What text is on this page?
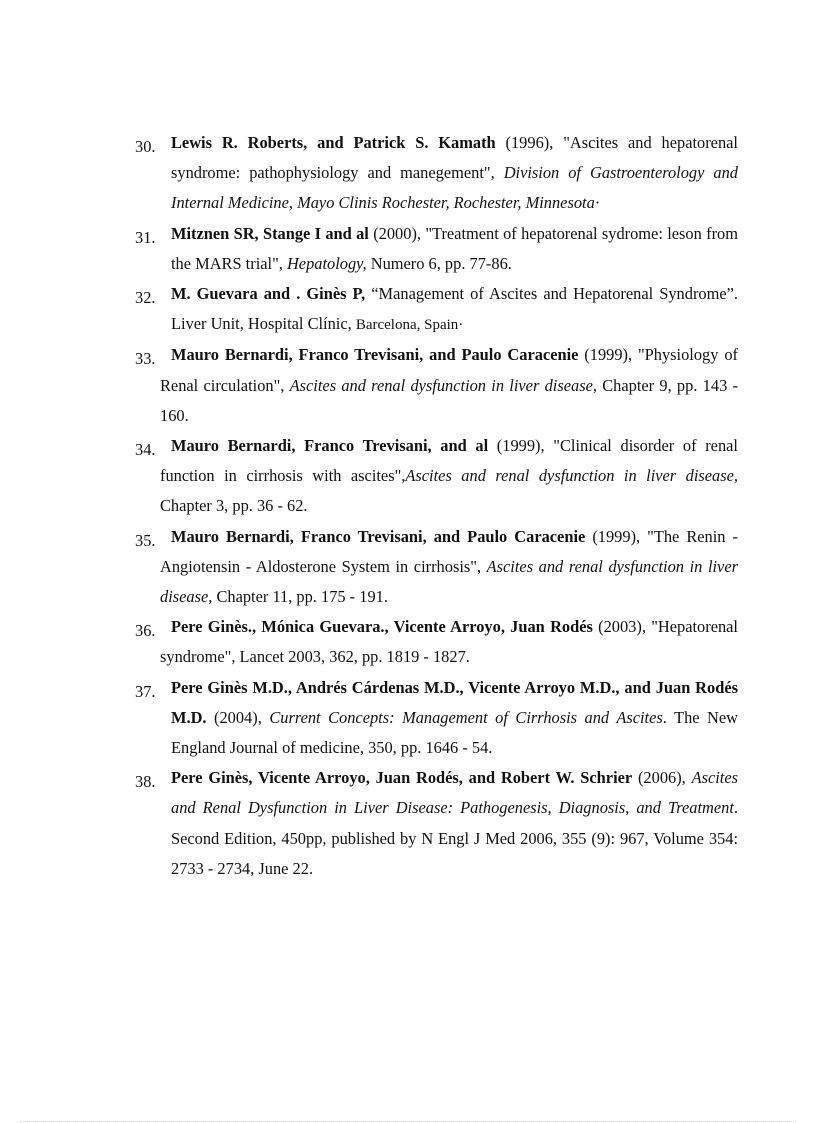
30. Lewis R. Roberts, and Patrick S. Kamath (1996), "Ascites and hepatorenal syndrome: pathophysiology and manegement", Division of Gastroenterology and Internal Medicine, Mayo Clinis Rochester, Rochester, Minnesota·
31. Mitznen SR, Stange I and al (2000), "Treatment of hepatorenal sydrome: leson from the MARS trial", Hepatology, Numero 6, pp. 77-86.
32. M. Guevara and . Ginès P, “Management of Ascites and Hepatorenal Syndrome”. Liver Unit, Hospital Clínic, Barcelona, Spain·
33. Mauro Bernardi, Franco Trevisani, and Paulo Caracenie (1999), "Physiology of Renal circulation", Ascites and renal dysfunction in liver disease, Chapter 9, pp. 143 - 160.
34. Mauro Bernardi, Franco Trevisani, and al (1999), "Clinical disorder of renal function in cirrhosis with ascites",Ascites and renal dysfunction in liver disease, Chapter 3, pp. 36 - 62.
35. Mauro Bernardi, Franco Trevisani, and Paulo Caracenie (1999), "The Renin - Angiotensin - Aldosterone System in cirrhosis", Ascites and renal dysfunction in liver disease, Chapter 11, pp. 175 - 191.
36. Pere Ginès., Mónica Guevara., Vicente Arroyo, Juan Rodés (2003), "Hepatorenal syndrome", Lancet 2003, 362, pp. 1819 - 1827.
37. Pere Ginès M.D., Andrés Cárdenas M.D., Vicente Arroyo M.D., and Juan Rodés M.D. (2004), Current Concepts: Management of Cirrhosis and Ascites. The New England Journal of medicine, 350, pp. 1646 - 54.
38. Pere Ginès, Vicente Arroyo, Juan Rodés, and Robert W. Schrier (2006), Ascites and Renal Dysfunction in Liver Disease: Pathogenesis, Diagnosis, and Treatment. Second Edition, 450pp, published by N Engl J Med 2006, 355 (9): 967, Volume 354: 2733 - 2734, June 22.
